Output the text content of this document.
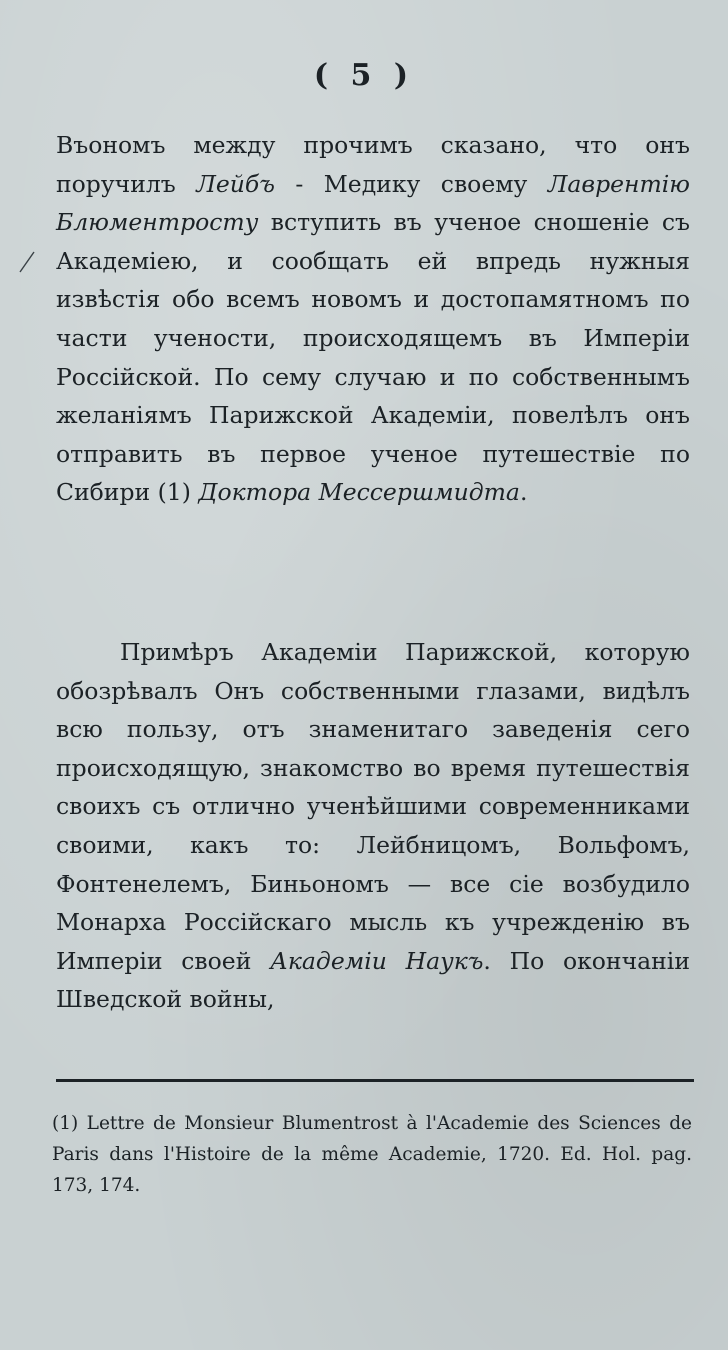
( 5 )

Въономъ между прочимъ сказано, что онъ поручилъ Лейбъ - Медику своему Лаврентію Блюментросту вступить въ ученое сношеніе съ Академіею, и сообщать ей впредь нужныя извѣстія обо всемъ новомъ и достопамятномъ по части учености, происходящемъ въ Имперіи Россійской. По сему случаю и по собственнымъ желаніямъ Парижской Академіи, повелѣлъ онъ отправить въ первое ученое путешествіе по Сибири (1) Доктора Мессершмидта.

Примѣръ Академіи Парижской, которую обозрѣвалъ Онъ собственными глазами, видѣлъ всю пользу, отъ знаменитаго заведенія сего происходящую, знакомство во время путешествія своихъ съ отлично ученѣйшими современниками своими, какъ то: Лейбницомъ, Вольфомъ, Фонтенелемъ, Биньономъ — все сіе возбудило Монарха Россійскаго мысль къ учрежденію въ Имперіи своей Академіи Наукъ. По окончаніи Шведской войны,

(1) Lettre de Monsieur Blumentrost à l'Academie des Sciences de Paris dans l'Histoire de la même Academie, 1720. Ed. Hol. pag. 173, 174.
